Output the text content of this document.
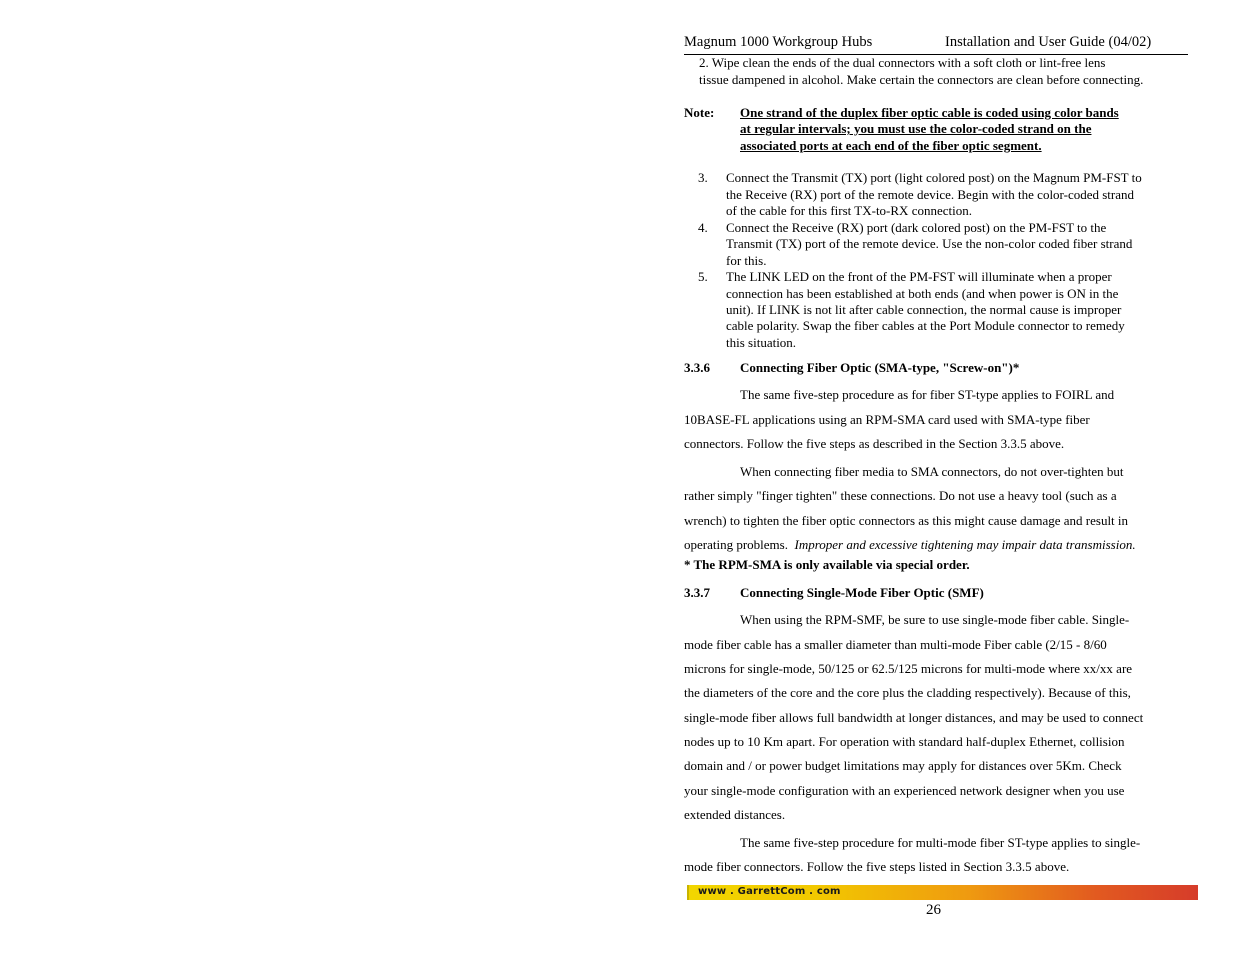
Magnum 1000 Workgroup Hubs	Installation and User Guide (04/02)
2. Wipe clean the ends of the dual connectors with a soft cloth or lint-free lens
tissue dampened in alcohol. Make certain the connectors are clean before connecting.
Note: One strand of the duplex fiber optic cable is coded using color bands
at regular intervals; you must use the color-coded strand on the
associated ports at each end of the fiber optic segment.
3. Connect the Transmit (TX) port (light colored post) on the Magnum PM-FST to
the Receive (RX) port of the remote device. Begin with the color-coded strand
of the cable for this first TX-to-RX connection.
4. Connect the Receive (RX) port (dark colored post) on the PM-FST to the
Transmit (TX) port of the remote device. Use the non-color coded fiber strand
for this.
5. The LINK LED on the front of the PM-FST will illuminate when a proper
connection has been established at both ends (and when power is ON in the
unit). If LINK is not lit after cable connection, the normal cause is improper
cable polarity. Swap the fiber cables at the Port Module connector to remedy
this situation.
3.3.6 Connecting Fiber Optic (SMA-type, "Screw-on")*
The same five-step procedure as for fiber ST-type applies to FOIRL and
10BASE-FL applications using an RPM-SMA card used with SMA-type fiber
connectors. Follow the five steps as described in the Section 3.3.5 above.
When connecting fiber media to SMA connectors, do not over-tighten but
rather simply "finger tighten" these connections. Do not use a heavy tool (such as a
wrench) to tighten the fiber optic connectors as this might cause damage and result in
operating problems.  Improper and excessive tightening may impair data transmission.
* The RPM-SMA is only available via special order.
3.3.7 Connecting Single-Mode Fiber Optic (SMF)
When using the RPM-SMF, be sure to use single-mode fiber cable. Single-
mode fiber cable has a smaller diameter than multi-mode Fiber cable (2/15 - 8/60
microns for single-mode, 50/125 or 62.5/125 microns for multi-mode where xx/xx are
the diameters of the core and the core plus the cladding respectively). Because of this,
single-mode fiber allows full bandwidth at longer distances, and may be used to connect
nodes up to 10 Km apart. For operation with standard half-duplex Ethernet, collision
domain and / or power budget limitations may apply for distances over 5Km. Check
your single-mode configuration with an experienced network designer when you use
extended distances.
The same five-step procedure for multi-mode fiber ST-type applies to single-
mode fiber connectors. Follow the five steps listed in Section 3.3.5 above.
www . GarrettCom . com
26
